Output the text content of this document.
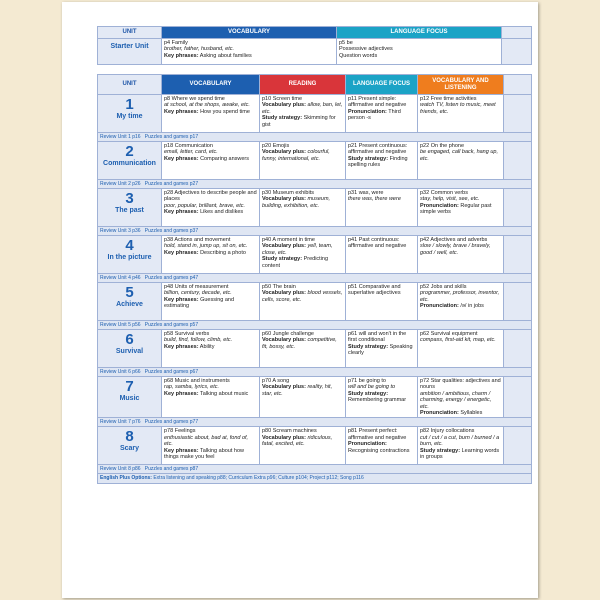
UNIT	VOCABULARY	LANGUAGE FOCUS	
Starter Unit	p4 Family
brother, father, husband, etc.
Key phrases: Asking about families	p5 be
Possessive adjectives
Question words	

UNIT	VOCABULARY	READING	LANGUAGE FOCUS	VOCABULARY AND
LISTENING	

1
My time	p8 Where we spend time
at school, at the shops, awake, etc.
Key phrases: How you spend time	p10 Screen time
Vocabulary plus: allow, ban, let, etc.
Study strategy: Skimming for gist	p11 Present simple: affirmative and negative
Pronunciation: Third person -s	p12 Free time activities
watch TV, listen to music, meet friends, etc.	

Review Unit 1 p16 Puzzles and games p17					

2
Communication	p18 Communication
email, letter, card, etc.
Key phrases: Comparing answers	p20 Emojis
Vocabulary plus: colourful, funny, international, etc.	p21 Present continuous: affirmative and negative
Study strategy: Finding spelling rules	p22 On the phone
be engaged, call back, hang up, etc.	

Review Unit 2 p26 Puzzles and games p27					

3
The past	p28 Adjectives to describe people and places
poor, popular, brilliant, brave, etc.
Key phrases: Likes and dislikes	p30 Museum exhibits
Vocabulary plus: museum, building, exhibition, etc.	p31 was, were
there was, there were	p32 Common verbs
stay, help, visit, see, etc.
Pronunciation: Regular past simple verbs	

Review Unit 3 p36 Puzzles and games p37					

4
In the picture	p38 Actions and movement
hold, stand in, jump up, sit on, etc.
Key phrases: Describing a photo	p40 A moment in time
Vocabulary plus: yell, team, close, etc.
Study strategy: Predicting content	p41 Past continuous: affirmative and negative	p42 Adjectives and adverbs
slow / slowly, brave / bravely, good / well, etc.	

Review Unit 4 p46 Puzzles and games p47					

5
Achieve	p48 Units of measurement
billion, century, decade, etc.
Key phrases: Guessing and estimating	p50 The brain
Vocabulary plus: blood vessels, cells, score, etc.	p51 Comparative and superlative adjectives	p52 Jobs and skills
programmer, professor, inventor, etc.
Pronunciation: /ə/ in jobs	

Review Unit 5 p56 Puzzles and games p57					

6
Survival	p58 Survival verbs
build, find, follow, climb, etc.
Key phrases: Ability	p60 Jungle challenge
Vocabulary plus: competitive, fit, bossy, etc.	p61 will and won't in the first conditional
Study strategy: Speaking clearly	p62 Survival equipment
compass, first-aid kit, map, etc.	

Review Unit 6 p66 Puzzles and games p67					

7
Music	p68 Music and instruments
rap, samba, lyrics, etc.
Key phrases: Talking about music	p70 A song
Vocabulary plus: reality, hit, star, etc.	p71 be going to
will and be going to
Study strategy: Remembering grammar	p72 Star qualities: adjectives and nouns
ambition / ambitious, charm / charming, energy / energetic, etc.
Pronunciation: Syllables	

Review Unit 7 p76 Puzzles and games p77					

8
Scary	p78 Feelings
enthusiastic about, bad at, fond of, etc.
Key phrases: Talking about how things make you feel	p80 Scream machines
Vocabulary plus: ridiculous, fatal, excited, etc.	p81 Present perfect: affirmative and negative
Pronunciation: Recognising contractions	p82 Injury collocations
cut / cut / a cut, burn / burned / a burn, etc.
Study strategy: Learning words in groups	

Review Unit 8 p86 Puzzles and games p87					
English Plus Options: Extra listening and speaking p88; Curriculum Extra p96; Culture p104; Project p112; Song p116					
